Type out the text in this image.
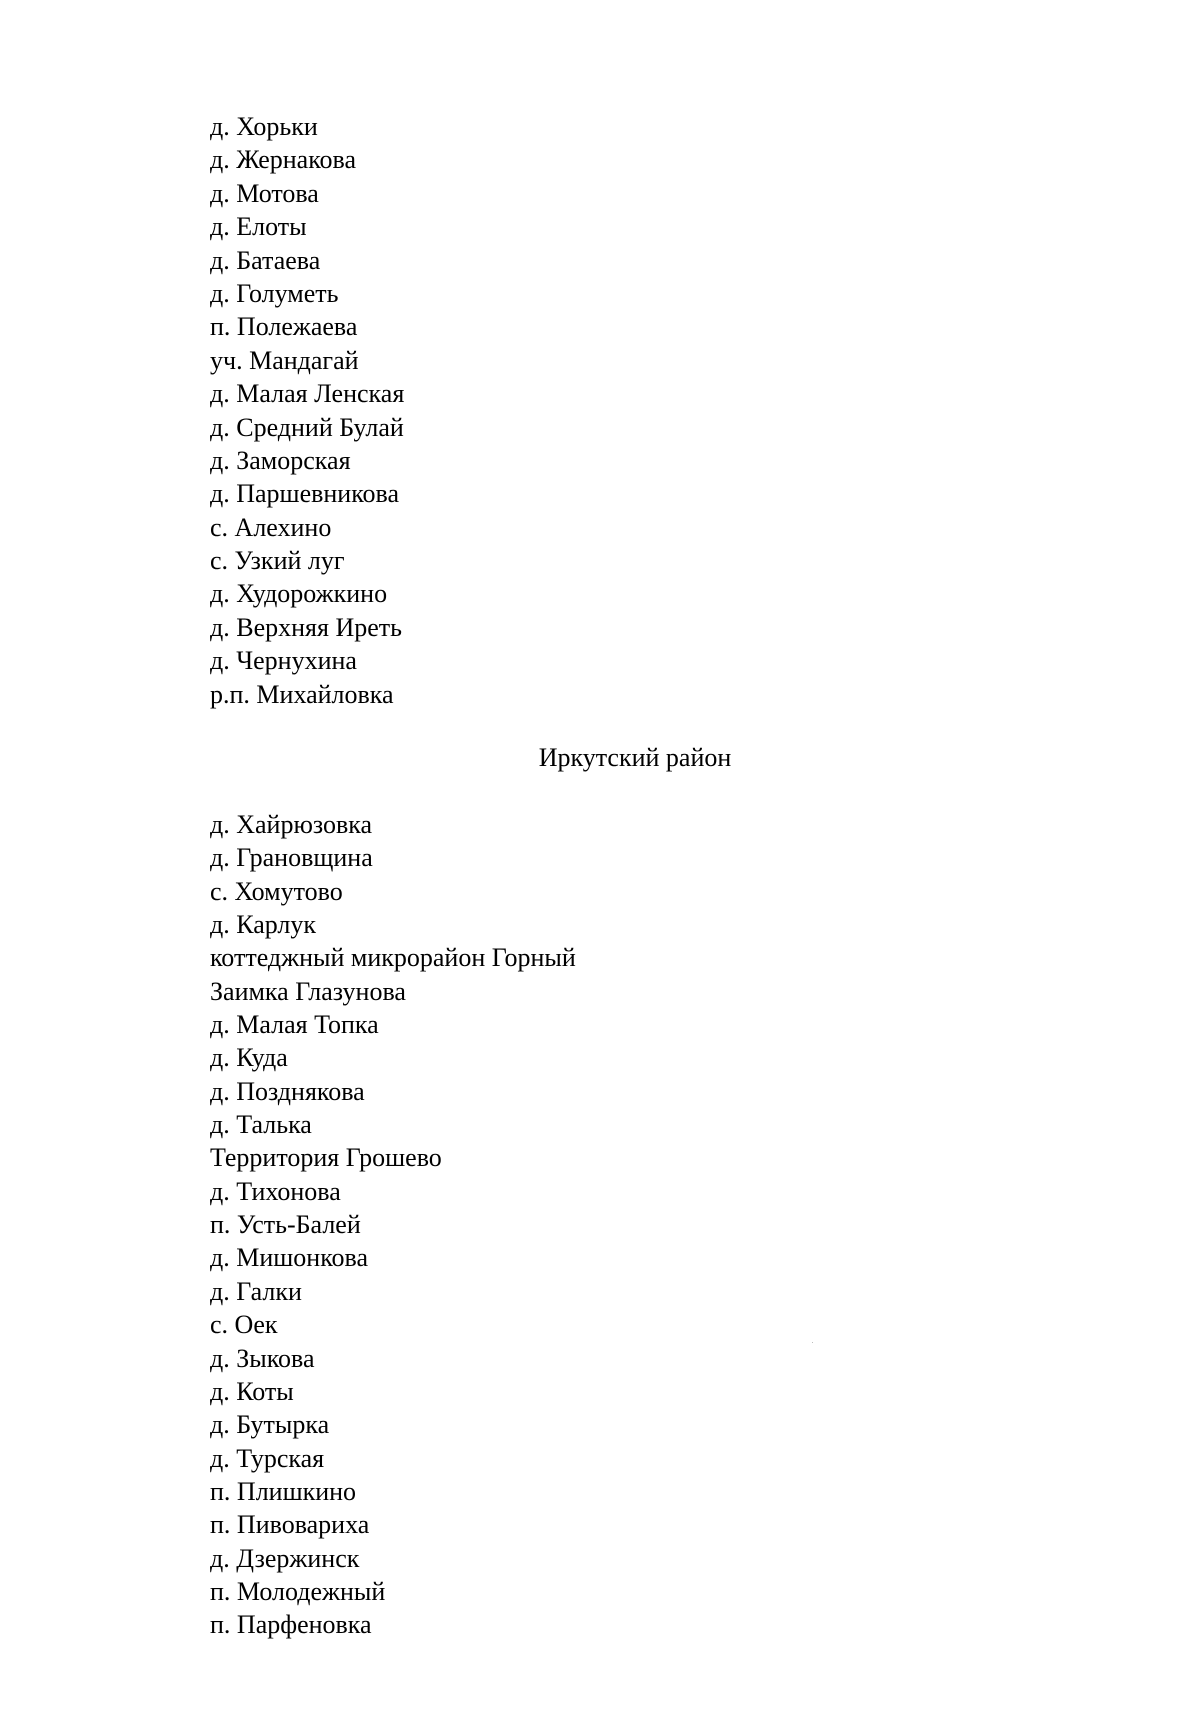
д. Хорьки
д. Жернакова
д. Мотова
д. Елоты
д. Батаева
д. Голуметь
п. Полежаева
уч. Мандагай
д. Малая Ленская
д. Средний Булай
д. Заморская
д. Паршевникова
с. Алехино
с. Узкий луг
д. Худорожкино
д. Верхняя Ирeть
д. Чернухина
р.п. Михайловка
Иркутский район
д. Хайрюзовка
д. Грановщина
с. Хомутово
д. Карлук
коттеджный микрорайон Горный
Заимка Глазунова
д. Малая Топка
д. Куда
д. Позднякова
д. Талька
Территория Грошево
д. Тихонова
п. Усть-Балей
д. Мишонкова
д. Галки
с. Оек
д. Зыкова
д. Коты
д. Бутырка
д. Турская
п. Плишкино
п. Пивовариха
д. Дзержинск
п. Молодежный
п. Парфеновка
